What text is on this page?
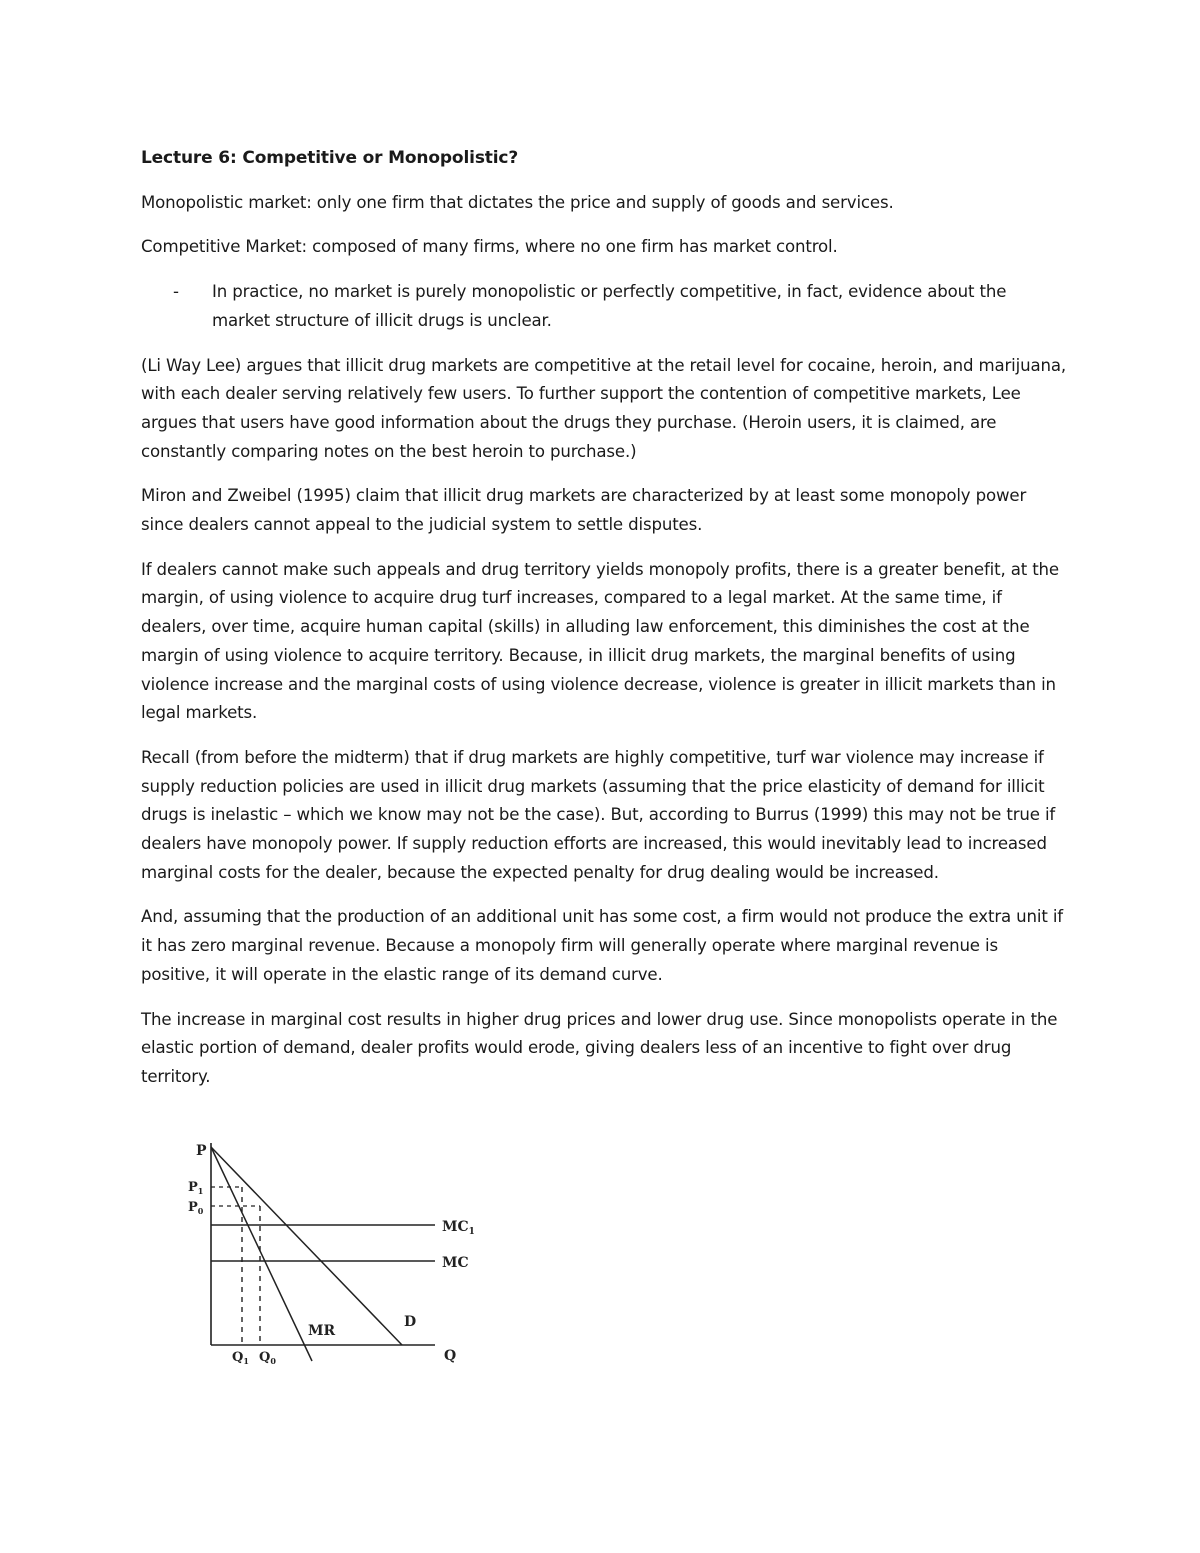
Lecture 6: Competitive or Monopolistic?

Monopolistic market: only one firm that dictates the price and supply of goods and services.

Competitive Market: composed of many firms, where no one firm has market control.

-	In practice, no market is purely monopolistic or perfectly competitive, in fact, evidence about the market structure of illicit drugs is unclear.

(Li Way Lee) argues that illicit drug markets are competitive at the retail level for cocaine, heroin, and marijuana, with each dealer serving relatively few users. To further support the contention of competitive markets, Lee argues that users have good information about the drugs they purchase. (Heroin users, it is claimed, are constantly comparing notes on the best heroin to purchase.)

Miron and Zweibel (1995) claim that illicit drug markets are characterized by at least some monopoly power since dealers cannot appeal to the judicial system to settle disputes.

If dealers cannot make such appeals and drug territory yields monopoly profits, there is a greater benefit, at the margin, of using violence to acquire drug turf increases, compared to a legal market. At the same time, if dealers, over time, acquire human capital (skills) in alluding law enforcement, this diminishes the cost at the margin of using violence to acquire territory. Because, in illicit drug markets, the marginal benefits of using violence increase and the marginal costs of using violence decrease, violence is greater in illicit markets than in legal markets.

Recall (from before the midterm) that if drug markets are highly competitive, turf war violence may increase if supply reduction policies are used in illicit drug markets (assuming that the price elasticity of demand for illicit drugs is inelastic – which we know may not be the case). But, according to Burrus (1999) this may not be true if dealers have monopoly power. If supply reduction efforts are increased, this would inevitably lead to increased marginal costs for the dealer, because the expected penalty for drug dealing would be increased.

And, assuming that the production of an additional unit has some cost, a firm would not produce the extra unit if it has zero marginal revenue. Because a monopoly firm will generally operate where marginal revenue is positive, it will operate in the elastic range of its demand curve.

The increase in marginal cost results in higher drug prices and lower drug use. Since monopolists operate in the elastic portion of demand, dealer profits would erode, giving dealers less of an incentive to fight over drug territory.

P
$P_1$
$P_0$
$MC_1$
MC
MR
D
$Q_1$ $Q_0$	Q
